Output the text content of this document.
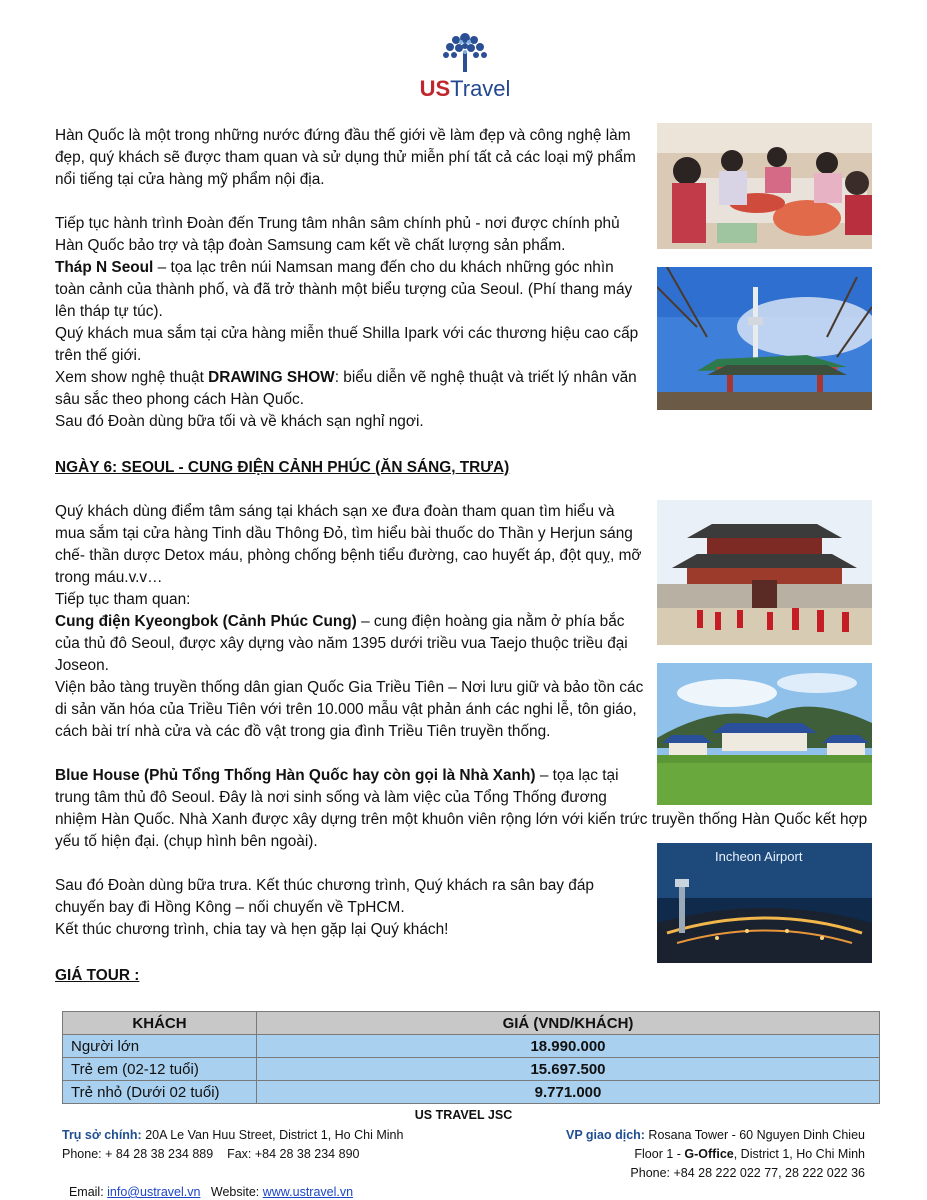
USTravel

Hàn Quốc là một trong những nước đứng đầu thế giới về làm đẹp và công nghệ làm đẹp, quý khách sẽ được tham quan và sử dụng thử miễn phí tất cả các loại mỹ phẩm nổi tiếng tại cửa hàng mỹ phẩm nội địa.

Tiếp tục hành trình Đoàn đến Trung tâm nhân sâm chính phủ - nơi được chính phủ Hàn Quốc bảo trợ và tập đoàn Samsung cam kết về chất lượng sản phẩm.

Tháp N Seoul – tọa lạc trên núi Namsan mang đến cho du khách những góc nhìn toàn cảnh của thành phố, và đã trở thành một biểu tượng của Seoul. (Phí thang máy lên tháp tự túc).

Quý khách mua sắm tại cửa hàng miễn thuế Shilla Ipark với các thương hiệu cao cấp trên thế giới.

Xem show nghệ thuật DRAWING SHOW: biểu diễn vẽ nghệ thuật và triết lý nhân văn sâu sắc theo phong cách Hàn Quốc.

Sau đó Đoàn dùng bữa tối và về khách sạn nghỉ ngơi.

NGÀY 6: SEOUL - CUNG ĐIỆN CẢNH PHÚC (ĂN SÁNG, TRƯA)

Quý khách dùng điểm tâm sáng tại khách sạn xe đưa đoàn tham quan tìm hiểu và mua sắm tại cửa hàng Tinh dầu Thông Đỏ, tìm hiểu bài thuốc do Thần y Herjun sáng chế- thần dược Detox máu, phòng chống bệnh tiểu đường, cao huyết áp, đột quỵ, mỡ trong máu.v.v…

Tiếp tục tham quan:

Cung điện Kyeongbok (Cảnh Phúc Cung) – cung điện hoàng gia nằm ở phía bắc của thủ đô Seoul, được xây dựng vào năm 1395 dưới triều vua Taejo thuộc triều đại Joseon.

Viện bảo tàng truyền thống dân gian Quốc Gia Triều Tiên – Nơi lưu giữ và bảo tồn các di sản văn hóa của Triều Tiên với trên 10.000 mẫu vật phản ánh các nghi lễ, tôn giáo, cách bài trí nhà cửa và các đồ vật trong gia đình Triều Tiên truyền thống.

Blue House (Phủ Tổng Thống Hàn Quốc hay còn gọi là Nhà Xanh) – tọa lạc tại trung tâm thủ đô Seoul. Đây là nơi sinh sống và làm việc của Tổng Thống đương

nhiệm Hàn Quốc. Nhà Xanh được xây dựng trên một khuôn viên rộng lớn với kiến trức truyền thống Hàn Quốc kết hợp yếu tố hiện đại. (chụp hình bên ngoài).

Sau đó Đoàn dùng bữa trưa. Kết thúc chương trình, Quý khách ra sân bay đáp chuyến bay đi Hồng Kông – nối chuyến về TpHCM.

Kết thúc chương trình, chia tay và hẹn gặp lại Quý khách!

GIÁ TOUR :

Incheon Airport
KHÁCH	GIÁ (VND/KHÁCH)
Người lớn	18.990.000
Trẻ em (02-12 tuổi)	15.697.500
Trẻ nhỏ (Dưới 02 tuổi)	9.771.000
US TRAVEL JSC
Trụ sở chính: 20A Le Van Huu Street, District 1, Ho Chi Minh
Phone: + 84 28 38 234 889    Fax: +84 28 38 234 890

Email: info@ustravel.vn   Website: www.ustravel.vn

VP giao dịch: Rosana Tower - 60 Nguyen Dinh Chieu
Floor 1 - G-Office, District 1, Ho Chi Minh
Phone: +84 28 222 022 77, 28 222 022 36
